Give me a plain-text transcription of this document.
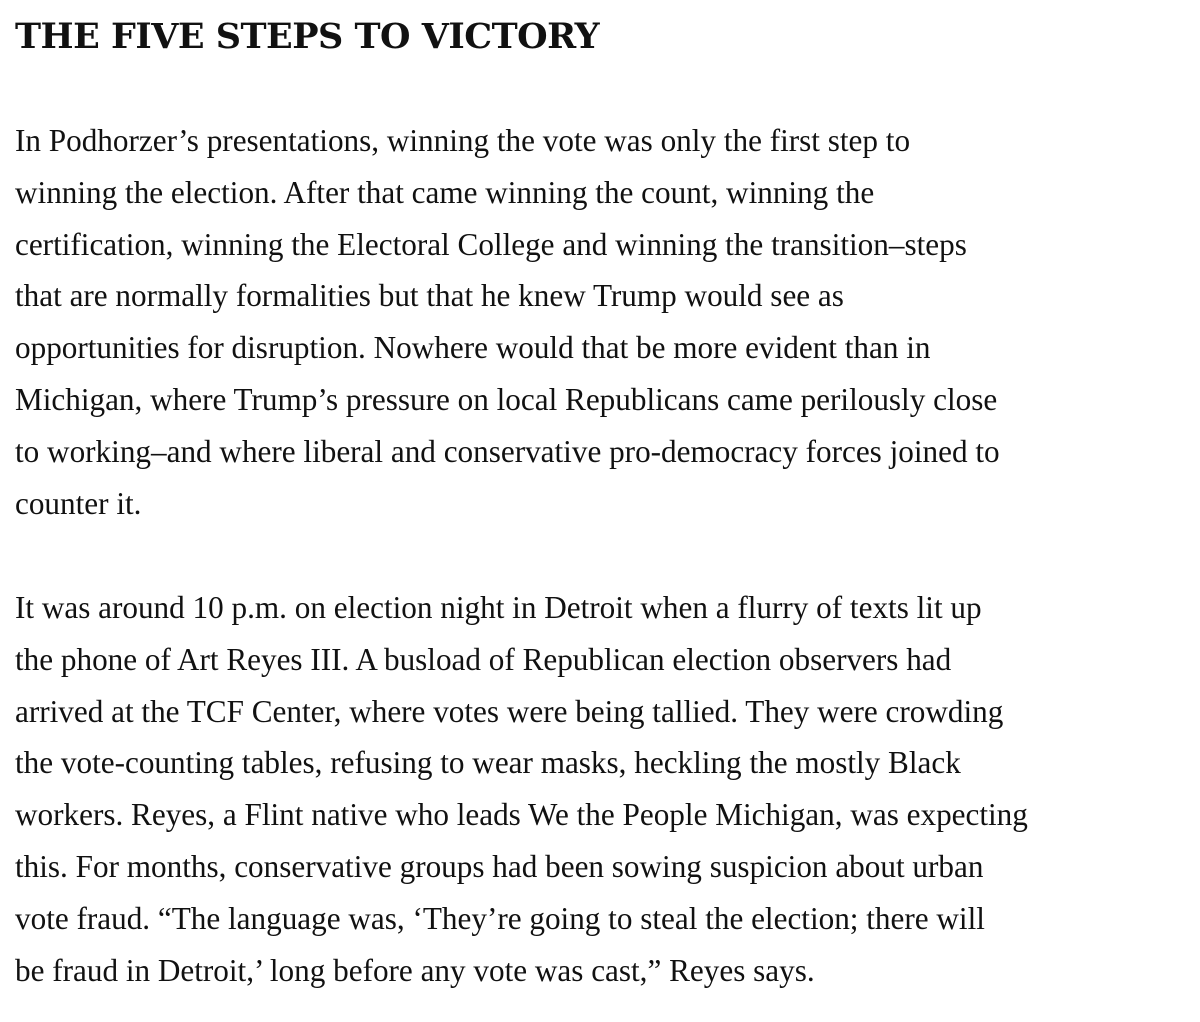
THE FIVE STEPS TO VICTORY

In Podhorzer’s presentations, winning the vote was only the first step to
winning the election. After that came winning the count, winning the
certification, winning the Electoral College and winning the transition–steps
that are normally formalities but that he knew Trump would see as
opportunities for disruption. Nowhere would that be more evident than in
Michigan, where Trump’s pressure on local Republicans came perilously close
to working–and where liberal and conservative pro-democracy forces joined to
counter it.

It was around 10 p.m. on election night in Detroit when a flurry of texts lit up
the phone of Art Reyes III. A busload of Republican election observers had
arrived at the TCF Center, where votes were being tallied. They were crowding
the vote-counting tables, refusing to wear masks, heckling the mostly Black
workers. Reyes, a Flint native who leads We the People Michigan, was expecting
this. For months, conservative groups had been sowing suspicion about urban
vote fraud. “The language was, ‘They’re going to steal the election; there will
be fraud in Detroit,’ long before any vote was cast,” Reyes says.
